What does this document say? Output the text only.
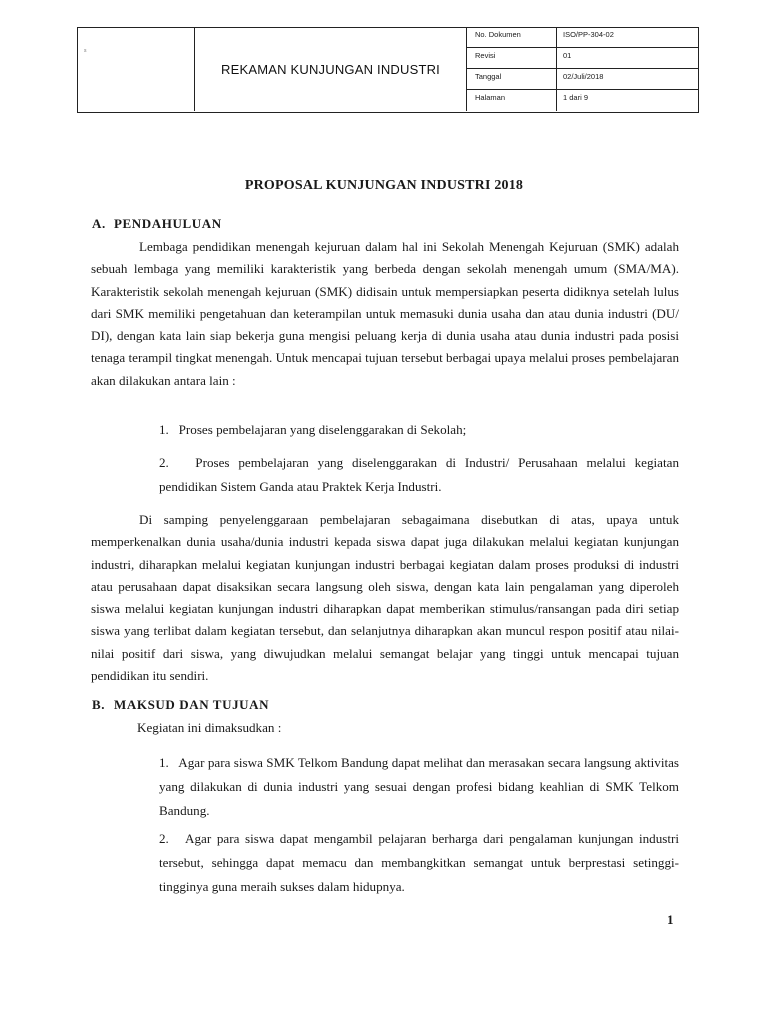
s
REKAMAN KUNJUNGAN INDUSTRI
No. Dokumen	ISO/PP-304-02
Revisi	01
Tanggal	02/Juli/2018
Halaman	1 dari 9
PROPOSAL KUNJUNGAN INDUSTRI 2018
A. PENDAHULUAN
Lembaga pendidikan menengah kejuruan dalam hal ini Sekolah Menengah Kejuruan (SMK) adalah sebuah lembaga yang memiliki karakteristik yang berbeda dengan sekolah menengah umum (SMA/MA). Karakteristik sekolah menengah kejuruan (SMK) didisain untuk mempersiapkan peserta didiknya setelah lulus dari SMK memiliki pengetahuan dan keterampilan untuk memasuki dunia usaha dan atau dunia industri (DU/ DI), dengan kata lain siap bekerja guna mengisi peluang kerja di dunia usaha atau dunia industri pada posisi tenaga terampil tingkat menengah. Untuk mencapai tujuan tersebut berbagai upaya melalui proses pembelajaran akan dilakukan antara lain :
1.   Proses pembelajaran yang diselenggarakan di Sekolah;
2.   Proses pembelajaran yang diselenggarakan di Industri/ Perusahaan melalui kegiatan pendidikan Sistem Ganda atau Praktek Kerja Industri.
Di samping penyelenggaraan pembelajaran sebagaimana disebutkan di atas, upaya untuk memperkenalkan dunia usaha/dunia industri kepada siswa dapat juga dilakukan melalui kegiatan kunjungan industri, diharapkan melalui kegiatan kunjungan industri berbagai kegiatan dalam proses produksi di industri atau perusahaan dapat disaksikan secara langsung oleh siswa, dengan kata lain pengalaman yang diperoleh siswa melalui kegiatan kunjungan industri diharapkan dapat memberikan stimulus/ransangan pada diri setiap siswa yang terlibat dalam kegiatan tersebut, dan selanjutnya diharapkan akan muncul respon positif atau nilai-nilai positif dari siswa, yang diwujudkan melalui semangat belajar yang tinggi untuk mencapai tujuan pendidikan itu sendiri.
B. MAKSUD DAN TUJUAN
Kegiatan ini dimaksudkan :
1.   Agar para siswa SMK Telkom Bandung dapat melihat dan merasakan secara langsung aktivitas yang dilakukan di dunia industri yang sesuai dengan profesi bidang keahlian di SMK Telkom Bandung.
2.   Agar para siswa dapat mengambil pelajaran berharga dari pengalaman kunjungan industri tersebut, sehingga dapat memacu dan membangkitkan semangat untuk berprestasi setinggi-tingginya guna meraih sukses dalam hidupnya.
1
